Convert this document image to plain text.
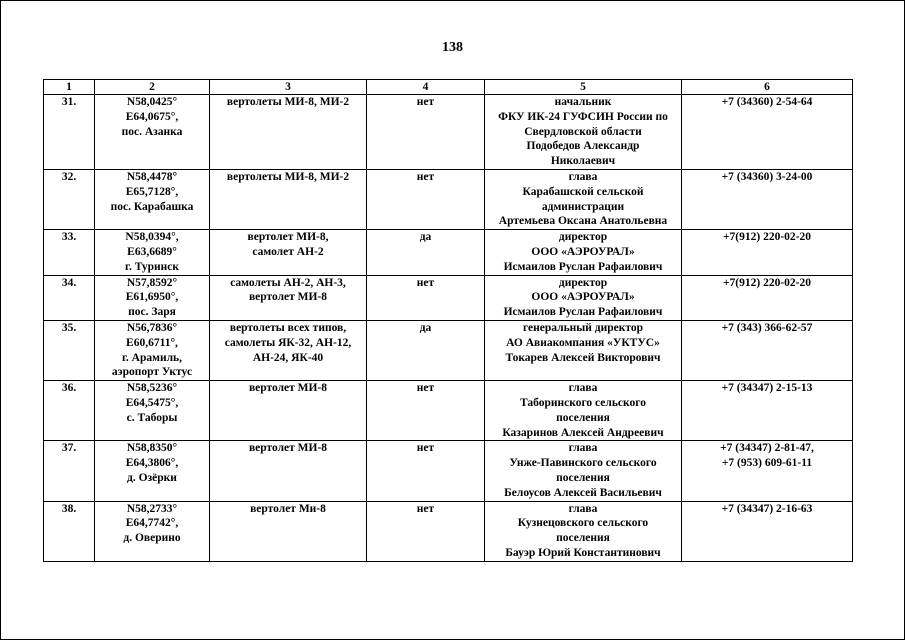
138
1	2	3	4	5	6
31.	N58,0425°
E64,0675°,
пос. Азанка	вертолеты МИ-8, МИ-2	нет	начальник
ФКУ ИК-24 ГУФСИН России по
Свердловской области
Подобедов Александр
Николаевич	+7 (34360) 2-54-64
32.	N58,4478°
E65,7128°,
пос. Карабашка	вертолеты МИ-8, МИ-2	нет	глава
Карабашской сельской
администрации
Артемьева Оксана Анатольевна	+7 (34360) 3-24-00
33.	N58,0394°,
E63,6689°
г. Туринск	вертолет МИ-8,
самолет АН-2	да	директор
ООО «АЭРОУРАЛ»
Исмаилов Руслан Рафаилович	+7(912) 220-02-20
34.	N57,8592°
E61,6950°,
пос. Заря	самолеты АН-2, АН-3,
вертолет МИ-8	нет	директор
ООО «АЭРОУРАЛ»
Исмаилов Руслан Рафаилович	+7(912) 220-02-20
35.	N56,7836°
E60,6711°,
г. Арамиль,
аэропорт Уктус	вертолеты всех типов,
самолеты ЯК-32, АН-12,
АН-24, ЯК-40	да	генеральный директор
АО Авиакомпания «УКТУС»
Токарев Алексей Викторович	+7 (343) 366-62-57
36.	N58,5236°
E64,5475°,
с. Таборы	вертолет МИ-8	нет	глава
Таборинского сельского
поселения
Казаринов Алексей Андреевич	+7 (34347) 2-15-13
37.	N58,8350°
E64,3806°,
д. Озёрки	вертолет МИ-8	нет	глава
Унже-Павинского сельского
поселения
Белоусов Алексей Васильевич	+7 (34347) 2-81-47,
+7 (953) 609-61-11
38.	N58,2733°
E64,7742°,
д. Оверино	вертолет Ми-8	нет	глава
Кузнецовского сельского
поселения
Бауэр Юрий Константинович	+7 (34347) 2-16-63
